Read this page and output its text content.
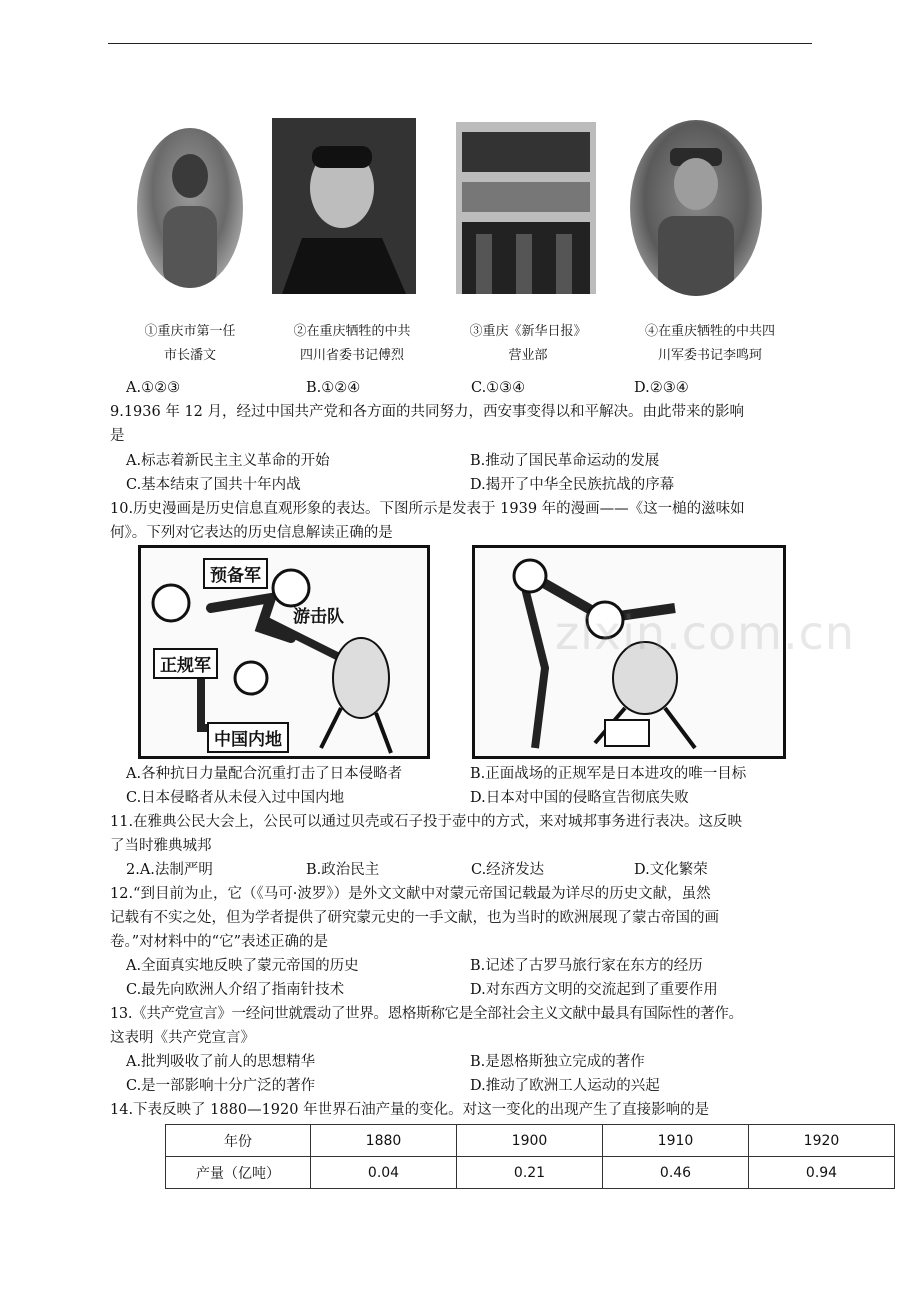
①重庆市第一任
市长潘文
②在重庆牺牲的中共
四川省委书记傅烈
③重庆《新华日报》
营业部
④在重庆牺牲的中共四
川军委书记李鸣珂
A.①②③	B.①②④	C.①③④	D.②③④
9.1936 年 12 月，经过中国共产党和各方面的共同努力，西安事变得以和平解决。由此带来的影响
是
A.标志着新民主主义革命的开始	B.推动了国民革命运动的发展
C.基本结束了国共十年内战	D.揭开了中华全民族抗战的序幕
10.历史漫画是历史信息直观形象的表达。下图所示是发表于 1939 年的漫画——《这一槌的滋味如
何》。下列对它表达的历史信息解读正确的是
预备军
游击队
正规军
中国内地
zixin.com.cn
A.各种抗日力量配合沉重打击了日本侵略者	B.正面战场的正规军是日本进攻的唯一目标
C.日本侵略者从未侵入过中国内地	D.日本对中国的侵略宣告彻底失败
11.在雅典公民大会上，公民可以通过贝壳或石子投于壶中的方式，来对城邦事务进行表决。这反映
了当时雅典城邦
2.A.法制严明	B.政治民主	C.经济发达	D.文化繁荣
12.“到目前为止，它（《马可·波罗》）是外文文献中对蒙元帝国记载最为详尽的历史文献，虽然
记载有不实之处，但为学者提供了研究蒙元史的一手文献，也为当时的欧洲展现了蒙古帝国的画
卷。”对材料中的“它”表述正确的是
A.全面真实地反映了蒙元帝国的历史	B.记述了古罗马旅行家在东方的经历
C.最先向欧洲人介绍了指南针技术	D.对东西方文明的交流起到了重要作用
13.《共产党宣言》一经问世就震动了世界。恩格斯称它是全部社会主义文献中最具有国际性的著作。
这表明《共产党宣言》
A.批判吸收了前人的思想精华	B.是恩格斯独立完成的著作
C.是一部影响十分广泛的著作	D.推动了欧洲工人运动的兴起
14.下表反映了 1880—1920 年世界石油产量的变化。对这一变化的出现产生了直接影响的是
年份	1880	1900	1910	1920
产量（亿吨）	0.04	0.21	0.46	0.94
